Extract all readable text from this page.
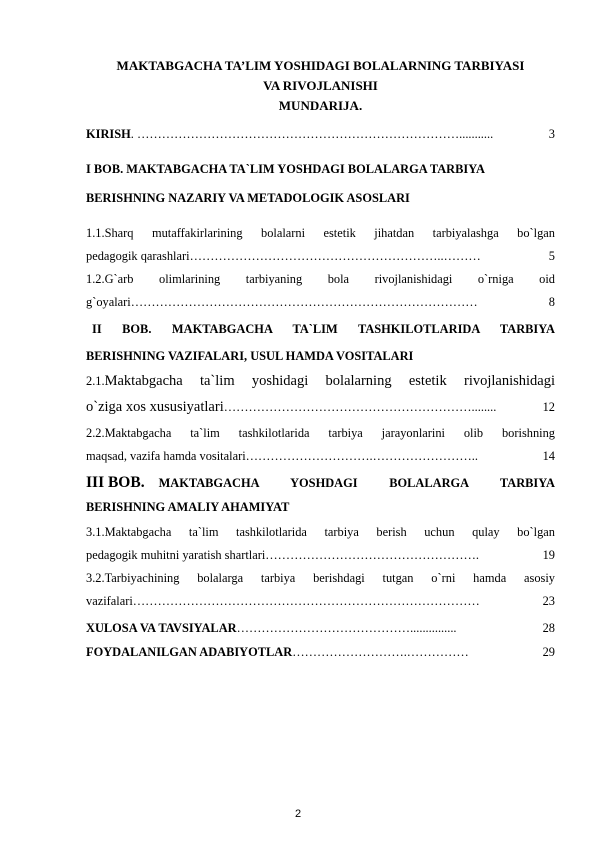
MAKTABGACHA TA’LIM YOSHIDAGI BOLALARNING TARBIYASI
VA RIVOJLANISHI
MUNDARIJA.
KIRISH . ……………………………………………………………………...........	3
I BOB. MAKTABGACHA TA`LIM YOSHDAGI BOLALARGA TARBIYA
BERISHNING NAZARIY VA METADOLOGIK ASOSLARI
1.1.Sharq mutaffakirlarining bolalarni estetik jihatdan tarbiyalashga bo`lgan
pedagogik qarashlari ……………………………………………………..………	5
1.2.G`arb olimlarining tarbiyaning bola rivojlanishidagi o`rniga oid
g`oyalari …………………………………………………………………………	8
II BOB. MAKTABGACHA TA`LIM TASHKILOTLARIDA TARBIYA
BERISHNING VAZIFALARI, USUL HAMDA VOSITALARI
2.1. Maktabgacha ta`lim yoshidagi bolalarning estetik rivojlanishidagi
o`ziga xos xususiyatlari ……………………………………………………........	12
2.2.Maktabgacha ta`lim tashkilotlarida tarbiya jarayonlarini olib borishning
maqsad, vazifa hamda vositalari ………………………….……………………..	14
III BOB.	MAKTABGACHA YOSHDAGI BOLALARGA TARBIYA
BERISHNING AMALIY AHAMIYAT
3.1.Maktabgacha ta`lim tashkilotlarida tarbiya berish uchun qulay bo`lgan
pedagogik muhitni yaratish shartlari …………………………………………….	19
3.2.Tarbiyachining bolalarga tarbiya berishdagi tutgan o`rni hamda asosiy
vazifalari …………………………………………………………………………	23
XULOSA VA TAVSIYALAR ……………………………………...............	28
FOYDALANILGAN ADABIYOTLAR ……………………….……………	29
2
